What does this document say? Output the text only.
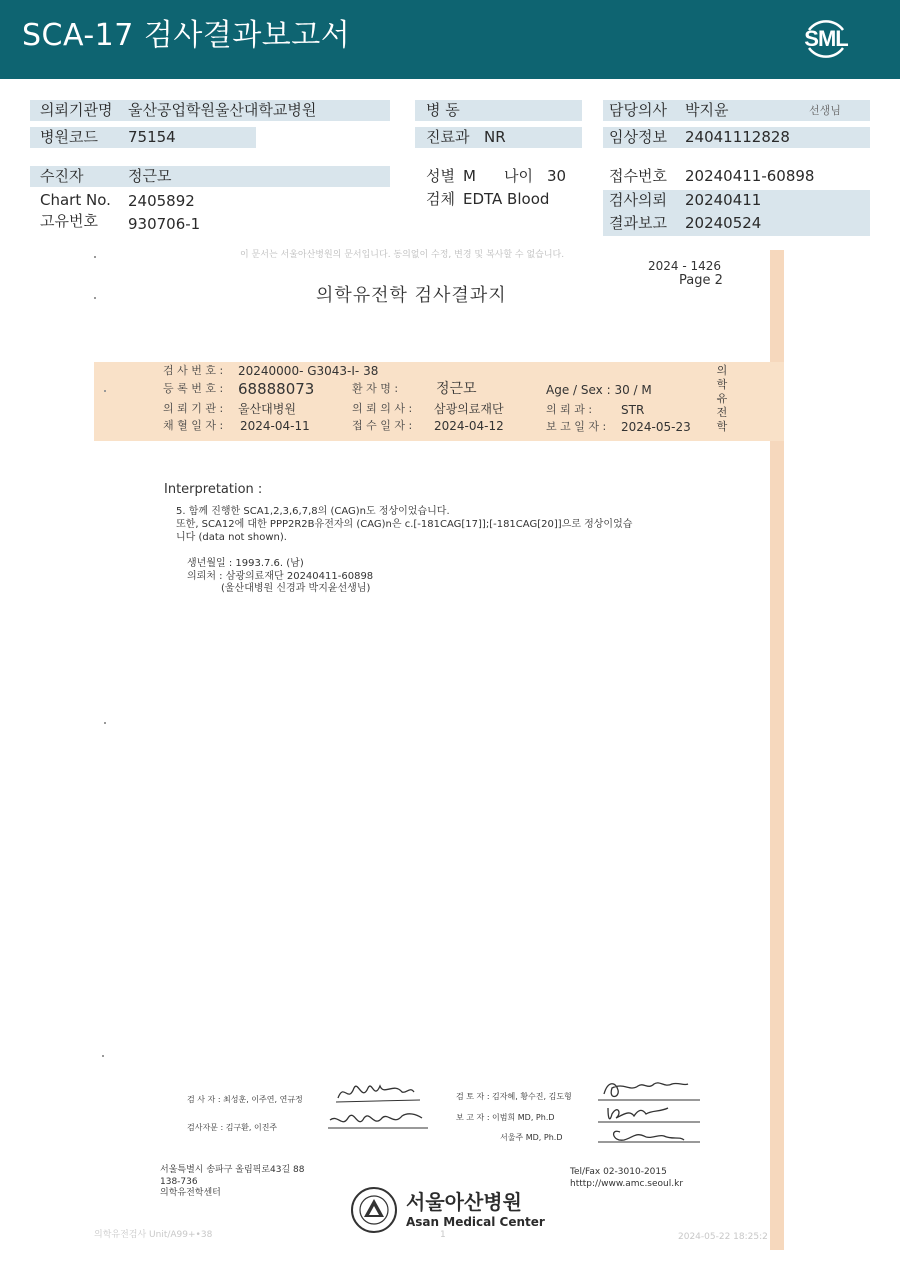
SCA-17 검사결과보고서	SML
의뢰기관명 울산공업학원울산대학교병원
병원코드 75154
수진자	정근모
Chart No. 2405892
고유번호 930706-1
병 동
진료과 NR
성별 M 나이 30
검체 EDTA Blood
담당의사 박지윤	선생님
임상정보 24041112828
접수번호 20240411-60898
검사의뢰 20240411
결과보고 20240524
이 문서는 서울아산병원의 문서입니다. 동의없이 수정, 변경 및 복사할 수 없습니다.
2024 - 1426
Page 2
의학유전학 검사결과지
검 사 번 호 : 20240000- G3043-I- 38
등 록 번 호 : 68888073	환 자 명 :	정근모	Age / Sex : 30 / M
의 뢰 기 관 : 울산대병원	의 뢰 의 사 : 삼광의료재단	의 뢰 과 : STR
채 혈 일 자 : 2024-04-11	접 수 일 자 : 2024-04-12	보 고 일 자 : 2024-05-23
의학유전학
Interpretation :
5. 함께 진행한 SCA1,2,3,6,7,8의 (CAG)n도 정상이었습니다.
또한, SCA12에 대한 PPP2R2B유전자의 (CAG)n은 c.[-181CAG[17]];[-181CAG[20]]으로 정상이었습
니다 (data not shown).
생년월일 : 1993.7.6. (남)
의뢰처 : 삼광의료재단 20240411-60898
(울산대병원 신경과 박지윤선생님)
검 사 자 : 최성훈, 이주연, 연규정
검사자문 : 김구환, 이진주
검 토 자 : 김자혜, 황수진, 김도형
보 고 자 : 이범희 MD, Ph.D
서울주 MD, Ph.D
서울특별시 송파구 올림픽로43길 88
138-736
의학유전학센터
Tel/Fax 02-3010-2015
htttp://www.amc.seoul.kr
서울아산병원
Asan Medical Center
의학유전검사 Unit/A99+•38	1	2024-05-22 18:25:2
